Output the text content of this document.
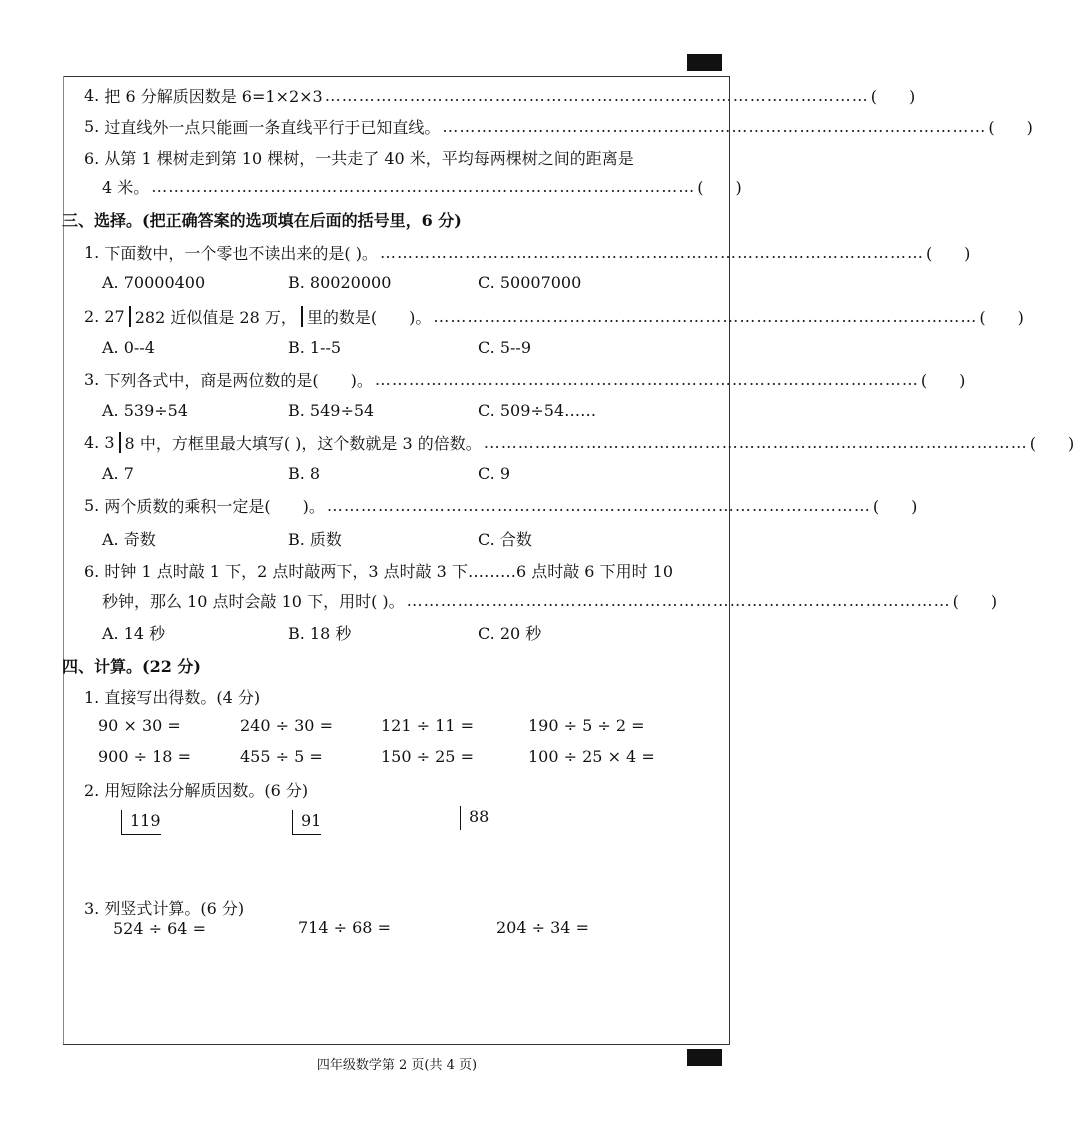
4.
把 6 分解质因数是 6=1×2×3 …………………………………………………………………………………… (　　)
5.
过直线外一点只能画一条直线平行于已知直线。 …………………………………………………………………………………… (　　)
6. 从第 1 棵树走到第 10 棵树，一共走了 40 米，平均每两棵树之间的距离是
4 米。 …………………………………………………………………………………… (　　)
三、选择。(把正确答案的选项填在后面的括号里，6 分)
1.
下面数中，一个零也不读出来的是( )。 …………………………………………………………………………………… (　　)
A. 70000400	B. 80020000	C. 50007000
2.
27 282 近似值是 28 万， 里的数是(　　)。 …………………………………………………………………………………… (　　)
A. 0--4	B. 1--5	C. 5--9
3.
下列各式中，商是两位数的是(　　)。 …………………………………………………………………………………… (　　)
A. 539÷54	B. 549÷54	C. 509÷54……
4.
3 8 中，方框里最大填写( )，这个数就是 3 的倍数。 …………………………………………………………………………………… (　　)
A. 7	B. 8	C. 9
5.
两个质数的乘积一定是(　　)。 …………………………………………………………………………………… (　　)
A. 奇数	B. 质数	C. 合数
6. 时钟 1 点时敲 1 下，2 点时敲两下，3 点时敲 3 下………6 点时敲 6 下用时 10
秒钟，那么 10 点时会敲 10 下，用时( )。 …………………………………………………………………………………… (　　)
A. 14 秒	B. 18 秒	C. 20 秒
四、计算。(22 分)
1. 直接写出得数。(4 分)
90 × 30 =	240 ÷ 30 =	121 ÷ 11 =	190 ÷ 5 ÷ 2 =
900 ÷ 18 =	455 ÷ 5 =	150 ÷ 25 =	100 ÷ 25 × 4 =
2. 用短除法分解质因数。(6 分)
119	91	88
3. 列竖式计算。(6 分)
524 ÷ 64 =	714 ÷ 68 =	204 ÷ 34 =
四年级数学第 2 页(共 4 页)
